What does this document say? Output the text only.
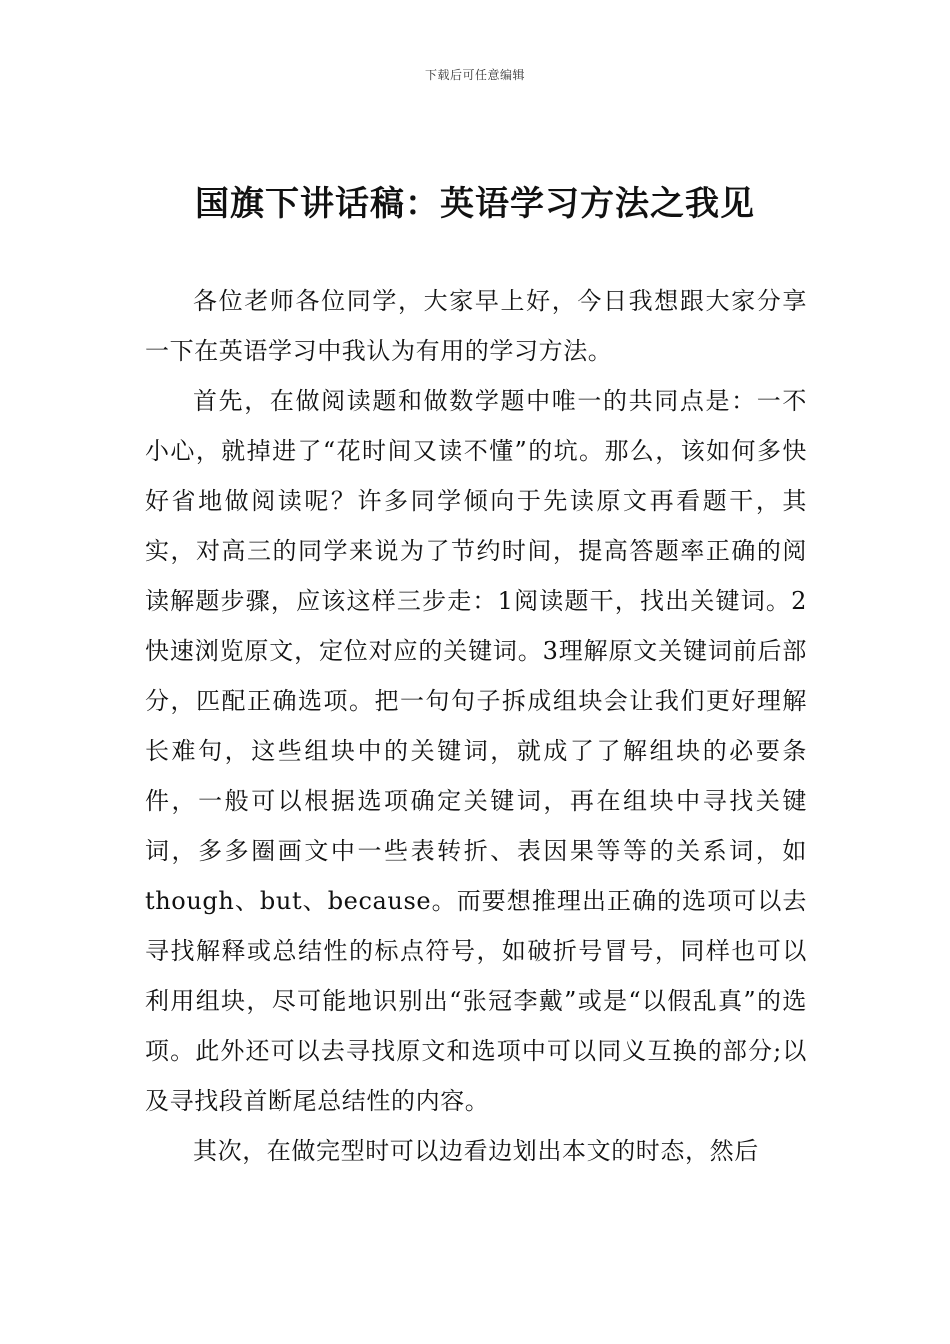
下载后可任意编辑
国旗下讲话稿：英语学习方法之我见

各位老师各位同学，大家早上好，今日我想跟大家分享一下在英语学习中我认为有用的学习方法。

首先，在做阅读题和做数学题中唯一的共同点是：一不小心，就掉进了“花时间又读不懂”的坑。那么，该如何多快好省地做阅读呢？许多同学倾向于先读原文再看题干，其实，对高三的同学来说为了节约时间，提高答题率正确的阅读解题步骤，应该这样三步走：1阅读题干，找出关键词。2快速浏览原文，定位对应的关键词。3理解原文关键词前后部分，匹配正确选项。把一句句子拆成组块会让我们更好理解长难句，这些组块中的关键词，就成了了解组块的必要条件，一般可以根据选项确定关键词，再在组块中寻找关键词，多多圈画文中一些表转折、表因果等等的关系词，如though、but、because。而要想推理出正确的选项可以去寻找解释或总结性的标点符号，如破折号冒号，同样也可以利用组块，尽可能地识别出“张冠李戴”或是“以假乱真”的选项。此外还可以去寻找原文和选项中可以同义互换的部分;以及寻找段首断尾总结性的内容。

其次，在做完型时可以边看边划出本文的时态，然后
